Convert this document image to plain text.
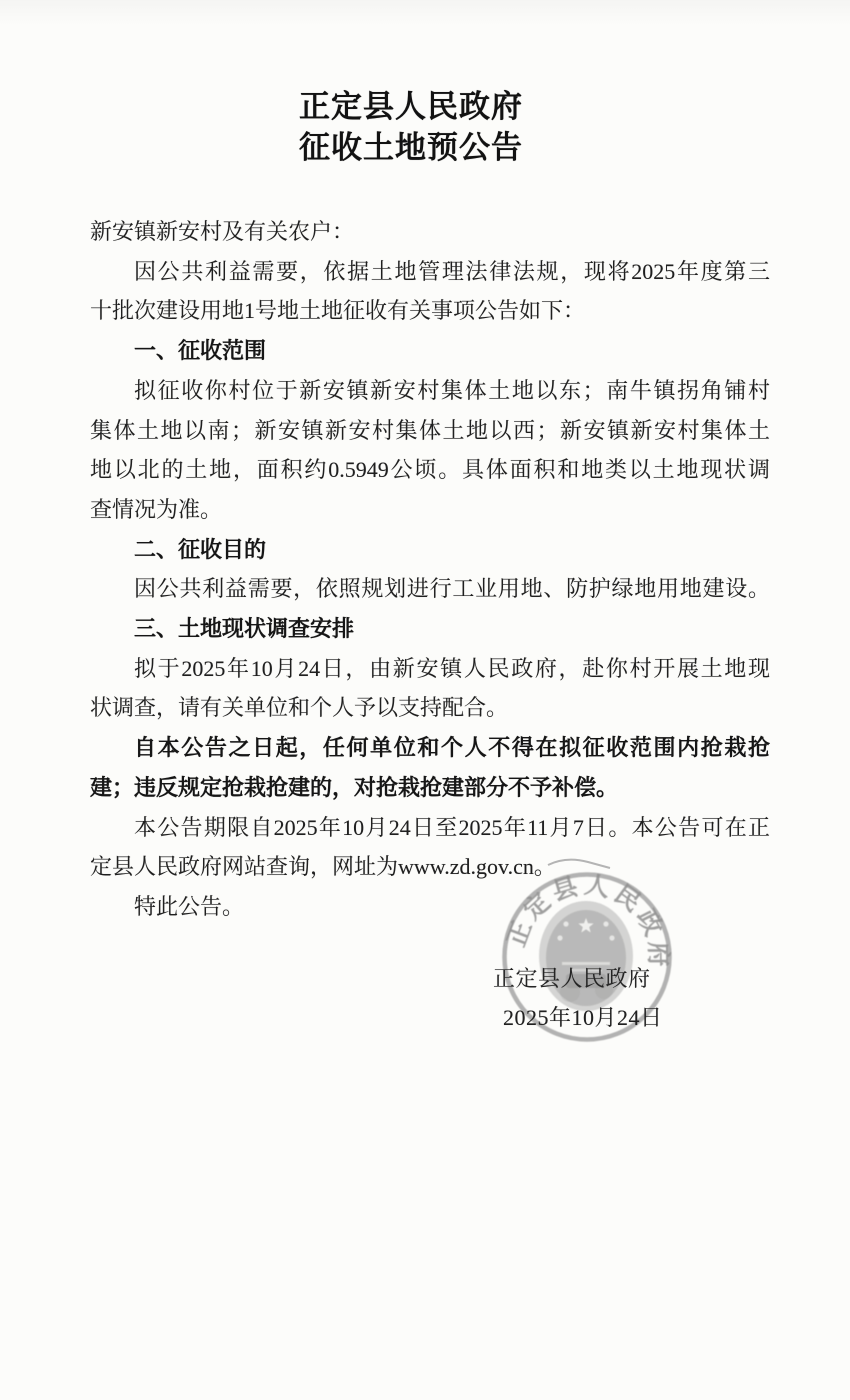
正定县人民政府
征收土地预公告
新安镇新安村及有关农户：
因公共利益需要，依据土地管理法律法规，现将2025年度第三
十批次建设用地1号地土地征收有关事项公告如下：
一、征收范围
拟征收你村位于新安镇新安村集体土地以东；南牛镇拐角铺村
集体土地以南；新安镇新安村集体土地以西；新安镇新安村集体土
地以北的土地，面积约0.5949公顷。具体面积和地类以土地现状调
查情况为准。
二、征收目的
因公共利益需要，依照规划进行工业用地、防护绿地用地建设。
三、土地现状调查安排
拟于2025年10月24日，由新安镇人民政府，赴你村开展土地现
状调查，请有关单位和个人予以支持配合。
自本公告之日起，任何单位和个人不得在拟征收范围内抢栽抢
建；违反规定抢栽抢建的，对抢栽抢建部分不予补偿。
本公告期限自2025年10月24日至2025年11月7日。本公告可在正
定县人民政府网站查询，网址为www.zd.gov.cn。
特此公告。
正定县人民政府
正定县人民政府
2025年10月24日
